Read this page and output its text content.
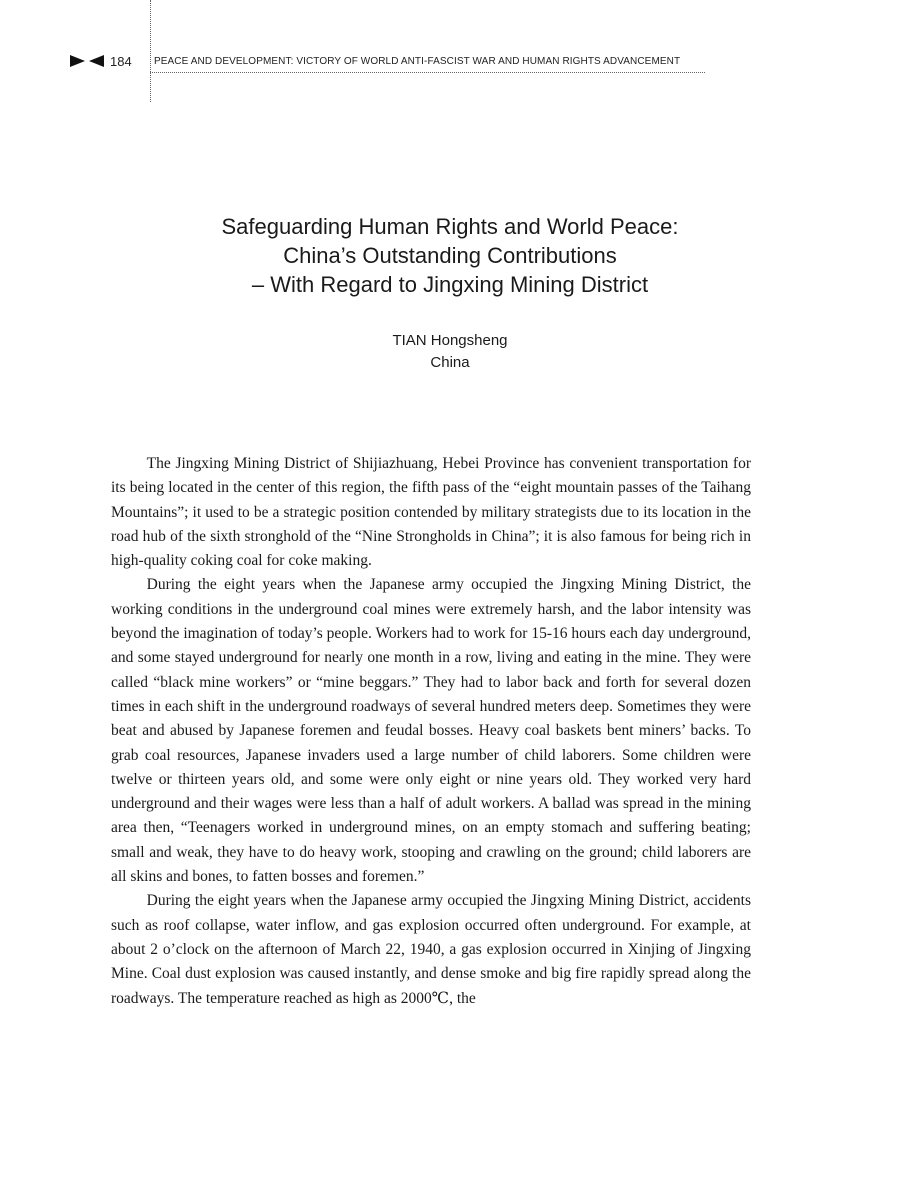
184	PEACE AND DEVELOPMENT: VICTORY OF WORLD ANTI-FASCIST WAR AND HUMAN RIGHTS ADVANCEMENT
Safeguarding Human Rights and World Peace:
China’s Outstanding Contributions
– With Regard to Jingxing Mining District
TIAN Hongsheng
China

The Jingxing Mining District of Shijiazhuang, Hebei Province has convenient transportation for its being located in the center of this region, the fifth pass of the “eight mountain passes of the Taihang Mountains”; it used to be a strategic position contended by military strategists due to its location in the road hub of the sixth stronghold of the “Nine Strongholds in China”; it is also famous for being rich in high-quality coking coal for coke making.

During the eight years when the Japanese army occupied the Jingxing Mining District, the working conditions in the underground coal mines were extremely harsh, and the labor intensity was beyond the imagination of today’s people. Workers had to work for 15-16 hours each day underground, and some stayed underground for nearly one month in a row, living and eating in the mine. They were called “black mine workers” or “mine beggars.” They had to labor back and forth for several dozen times in each shift in the underground roadways of several hundred meters deep. Sometimes they were beat and abused by Japanese foremen and feudal bosses. Heavy coal baskets bent miners’ backs. To grab coal resources, Japanese invaders used a large number of child laborers. Some children were twelve or thirteen years old, and some were only eight or nine years old. They worked very hard underground and their wages were less than a half of adult workers. A ballad was spread in the mining area then, “Teenagers worked in underground mines, on an empty stomach and suffering beating; small and weak, they have to do heavy work, stooping and crawling on the ground; child laborers are all skins and bones, to fatten bosses and foremen.”

During the eight years when the Japanese army occupied the Jingxing Mining District, accidents such as roof collapse, water inflow, and gas explosion occurred often underground. For example, at about 2 o’clock on the afternoon of March 22, 1940, a gas explosion occurred in Xinjing of Jingxing Mine. Coal dust explosion was caused instantly, and dense smoke and big fire rapidly spread along the roadways. The temperature reached as high as 2000℃, the
